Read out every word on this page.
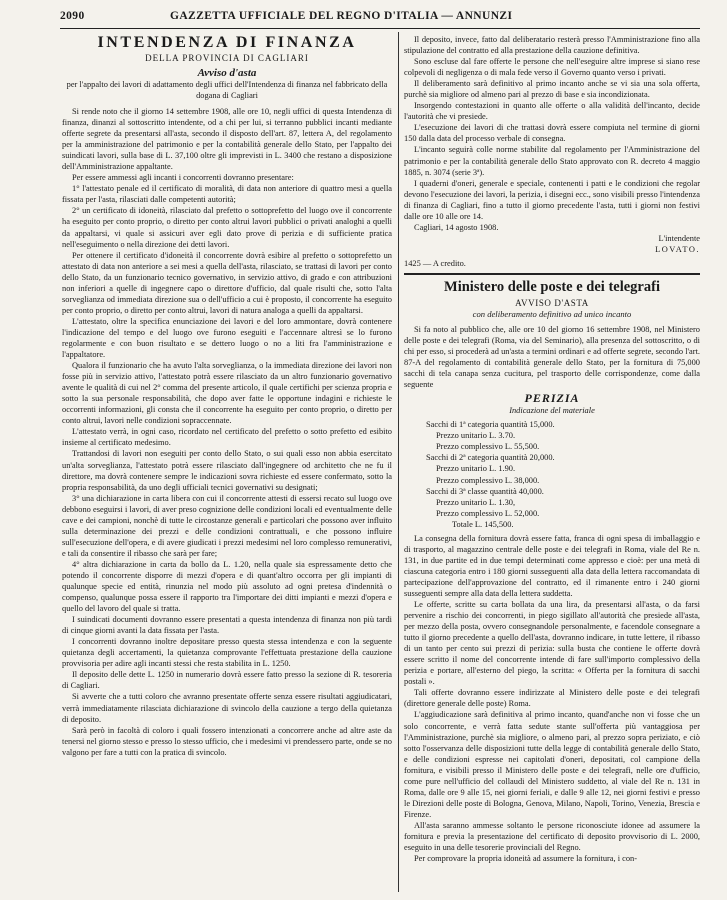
2090	GAZZETTA UFFICIALE DEL REGNO D'ITALIA — ANNUNZI
INTENDENZA DI FINANZA
DELLA PROVINCIA DI CAGLIARI
Avviso d'asta

per l'appalto dei lavori di adattamento degli uffici dell'Intendenza di finanza nel fabbricato della dogana di Cagliari

Si rende noto che il giorno 14 settembre 1908, alle ore 10, negli uffici di questa Intendenza di finanza, dinanzi al sottoscritto intendente, od a chi per lui, si terranno pubblici incanti mediante offerte segrete da presentarsi all'asta, secondo il disposto dell'art. 87, lettera A, del regolamento per la amministrazione del patrimonio e per la contabilità generale dello Stato, per l'appalto dei suindicati lavori, sulla base di L. 37,100 oltre gli imprevisti in L. 3400 che restano a disposizione dell'Amministrazione appaltante.

Per essere ammessi agli incanti i concorrenti dovranno presentare:

1° l'attestato penale ed il certificato di moralità, di data non anteriore di quattro mesi a quella fissata per l'asta, rilasciati dalle competenti autorità;

2° un certificato di idoneità, rilasciato dal prefetto o sottoprefetto del luogo ove il concorrente ha eseguito per conto proprio, o diretto per conto altrui lavori pubblici o privati analoghi a quelli da appaltarsi, vi quale si assicuri aver egli dato prove di perizia e di sufficiente pratica nell'eseguimento o nella direzione dei detti lavori.

Per ottenere il certificato d'idoneità il concorrente dovrà esibire al prefetto o sottoprefetto un attestato di data non anteriore a sei mesi a quella dell'asta, rilasciato, se trattasi di lavori per conto dello Stato, da un funzionario tecnico governativo, in servizio attivo, di grado e con attribuzioni non inferiori a quelle di ingegnere capo o direttore d'ufficio, dal quale risulti che, sotto l'alta sorveglianza od immediata direzione sua o dell'ufficio a cui è proposto, il concorrente ha eseguito per conto proprio, o diretto per conto altrui, lavori di natura analoga a quelli da appaltarsi.

L'attestato, oltre la specifica enunciazione dei lavori e del loro ammontare, dovrà contenere l'indicazione del tempo e del luogo ove furono eseguiti e l'accennare altresì se lo furono regolarmente e con buon risultato e se dettero luogo o no a liti fra l'amministrazione e l'appaltatore.

Qualora il funzionario che ha avuto l'alta sorveglianza, o la immediata direzione dei lavori non fosse più in servizio attivo, l'attestato potrà essere rilasciato da un altro funzionario governativo avente le qualità di cui nel 2° comma del presente articolo, il quale certifichi per scienza propria e sotto la sua personale responsabilità, che dopo aver fatte le opportune indagini e richieste le occorrenti informazioni, gli consta che il concorrente ha eseguito per conto proprio, o diretto per conto altrui, lavori nelle condizioni sopraccennate.

L'attestato verrà, in ogni caso, ricordato nel certificato del prefetto o sotto prefetto ed esibito insieme al certificato medesimo.

Trattandosi di lavori non eseguiti per conto dello Stato, o sui quali esso non abbia esercitato un'alta sorveglianza, l'attestato potrà essere rilasciato dall'ingegnere od architetto che ne fu il direttore, ma dovrà contenere sempre le indicazioni sovra richieste ed essere confermato, sotto la propria responsabilità, da uno degli ufficiali tecnici governativi su designati;

3° una dichiarazione in carta libera con cui il concorrente attesti di essersi recato sul luogo ove debbono eseguirsi i lavori, di aver preso cognizione delle condizioni locali ed eventualmente delle cave e dei campioni, nonchè di tutte le circostanze generali e particolari che possono aver influito sulla determinazione dei prezzi e delle condizioni contrattuali, e che possono influire sull'esecuzione dell'opera, e di avere giudicati i prezzi medesimi nel loro complesso remunerativi, e tali da consentire il ribasso che sarà per fare;

4° altra dichiarazione in carta da bollo da L. 1.20, nella quale sia espressamente detto che potendo il concorrente disporre di mezzi d'opera e di quant'altro occorra per gli impianti di qualunque specie ed entità, rinunzia nel modo più assoluto ad ogni pretesa d'indennità o compenso, qualunque possa essere il rapporto tra l'importare dei ditti impianti e mezzi d'opera e quello del lavoro del quale si tratta.

I suindicati documenti dovranno essere presentati a questa intendenza di finanza non più tardi di cinque giorni avanti la data fissata per l'asta.

I concorrenti dovranno inoltre depositare presso questa stessa intendenza e con la seguente quietanza degli accertamenti, la quietanza comprovante l'effettuata prestazione della cauzione provvisoria per adire agli incanti stessi che resta stabilita in L. 1250.

Il deposito delle dette L. 1250 in numerario dovrà essere fatto presso la sezione di R. tesoreria di Cagliari.

Si avverte che a tutti coloro che avranno presentate offerte senza essere risultati aggiudicatari, verrà immediatamente rilasciata dichiarazione di svincolo della cauzione a tergo della quietanza di deposito.

Sarà però in facoltà di coloro i quali fossero intenzionati a concorrere anche ad altre aste da tenersi nel giorno stesso e presso lo stesso ufficio, che i medesimi vi prendessero parte, onde se no valgono per fare a tutti con la pratica di svincolo.

Il deposito, invece, fatto dal deliberatario resterà presso l'Amministrazione fino alla stipulazione del contratto ed alla prestazione della cauzione definitiva.

Sono escluse dal fare offerte le persone che nell'eseguire altre imprese si siano rese colpevoli di negligenza o di mala fede verso il Governo quanto verso i privati.

Il deliberamento sarà definitivo al primo incanto anche se vi sia una sola offerta, purchè sia migliore od almeno pari al prezzo di base e sia incondizionata.

Insorgendo contestazioni in quanto alle offerte o alla validità dell'incanto, decide l'autorità che vi presiede.

L'esecuzione dei lavori di che trattasi dovrà essere compiuta nel termine di giorni 150 dalla data del processo verbale di consegna.

L'incanto seguirà colle norme stabilite dal regolamento per l'Amministrazione del patrimonio e per la contabilità generale dello Stato approvato con R. decreto 4 maggio 1885, n. 3074 (serie 3ª).

I quaderni d'oneri, generale e speciale, contenenti i patti e le condizioni che regolar devono l'esecuzione dei lavori, la perizia, i disegni ecc., sono visibili presso l'intendenza di finanza di Cagliari, fino a tutto il giorno precedente l'asta, tutti i giorni non festivi dalle ore 10 alle ore 14.

Cagliari, 14 agosto 1908.

L'intendente
LOVATO.
1425 — A credito.
Ministero delle poste e dei telegrafi
AVVISO D'ASTA
con deliberamento definitivo ad unico incanto

Si fa noto al pubblico che, alle ore 10 del giorno 16 settembre 1908, nel Ministero delle poste e dei telegrafi (Roma, via del Seminario), alla presenza del sottoscritto, o di chi per esso, si procederà ad un'asta a termini ordinari e ad offerte segrete, secondo l'art. 87-A del regolamento di contabilità generale dello Stato, per la fornitura di 75,000 sacchi di tela canapa senza cucitura, pel trasporto delle corrispondenze, come dalla seguente

PERIZIA
Indicazione del materiale
Sacchi di 1ª categoria quantità 15,000.
Prezzo unitario L. 3.70.
Prezzo complessivo L. 55,500.
Sacchi di 2ª categoria quantità 20,000.
Prezzo unitario L. 1.90.
Prezzo complessivo L. 38,000.
Sacchi di 3ª classe quantità 40,000.
Prezzo unitario L. 1.30,
Prezzo complessivo L. 52,000.
Totale L. 145,500.

La consegna della fornitura dovrà essere fatta, franca di ogni spesa di imballaggio e di trasporto, al magazzino centrale delle poste e dei telegrafi in Roma, viale del Re n. 131, in due partite ed in due tempi determinati come appresso e cioè: per una metà di ciascuna categoria entro i 180 giorni susseguenti alla data della lettera raccomandata di partecipazione dell'approvazione del contratto, ed il rimanente entro i 240 giorni susseguenti sempre alla data della lettera suddetta.

Le offerte, scritte su carta bollata da una lira, da presentarsi all'asta, o da farsi pervenire a rischio dei concorrenti, in piego sigillato all'autorità che presiede all'asta, per mezzo della posta, ovvero consegnandole personalmente, e facendole consegnare a tutto il giorno precedente a quello dell'asta, dovranno indicare, in tutte lettere, il ribasso di un tanto per cento sui prezzi di perizia: sulla busta che contiene le offerte dovrà essere scritto il nome del concorrente intende di fare sull'importo complessivo della perizia e portare, all'esterno del piego, la scritta: « Offerta per la fornitura di sacchi postali ».

Tali offerte dovranno essere indirizzate al Ministero delle poste e dei telegrafi (direttore generale delle poste) Roma.

L'aggiudicazione sarà definitiva al primo incanto, quand'anche non vi fosse che un solo concorrente, e verrà fatta sedute stante sull'offerta più vantaggiosa per l'Amministrazione, purchè sia migliore, o almeno pari, al prezzo sopra periziato, e ciò sotto l'osservanza delle disposizioni tutte della legge di contabilità generale dello Stato, e delle condizioni espresse nei capitolati d'oneri, depositati, col campione della fornitura, e visibili presso il Ministero delle poste e dei telegrafi, nelle ore d'ufficio, come pure nell'ufficio del collaudi del Ministero suddetto, al viale del Re n. 131 in Roma, dalle ore 9 alle 15, nei giorni feriali, e dalle 9 alle 12, nei giorni festivi e presso le Direzioni delle poste di Bologna, Genova, Milano, Napoli, Torino, Venezia, Brescia e Firenze.

All'asta saranno ammesse soltanto le persone riconosciute idonee ad assumere la fornitura e previa la presentazione del certificato di deposito provvisorio di L. 2000, eseguito in una delle tesorerie provinciali del Regno.

Per comprovare la propria idoneità ad assumere la fornitura, i con-
